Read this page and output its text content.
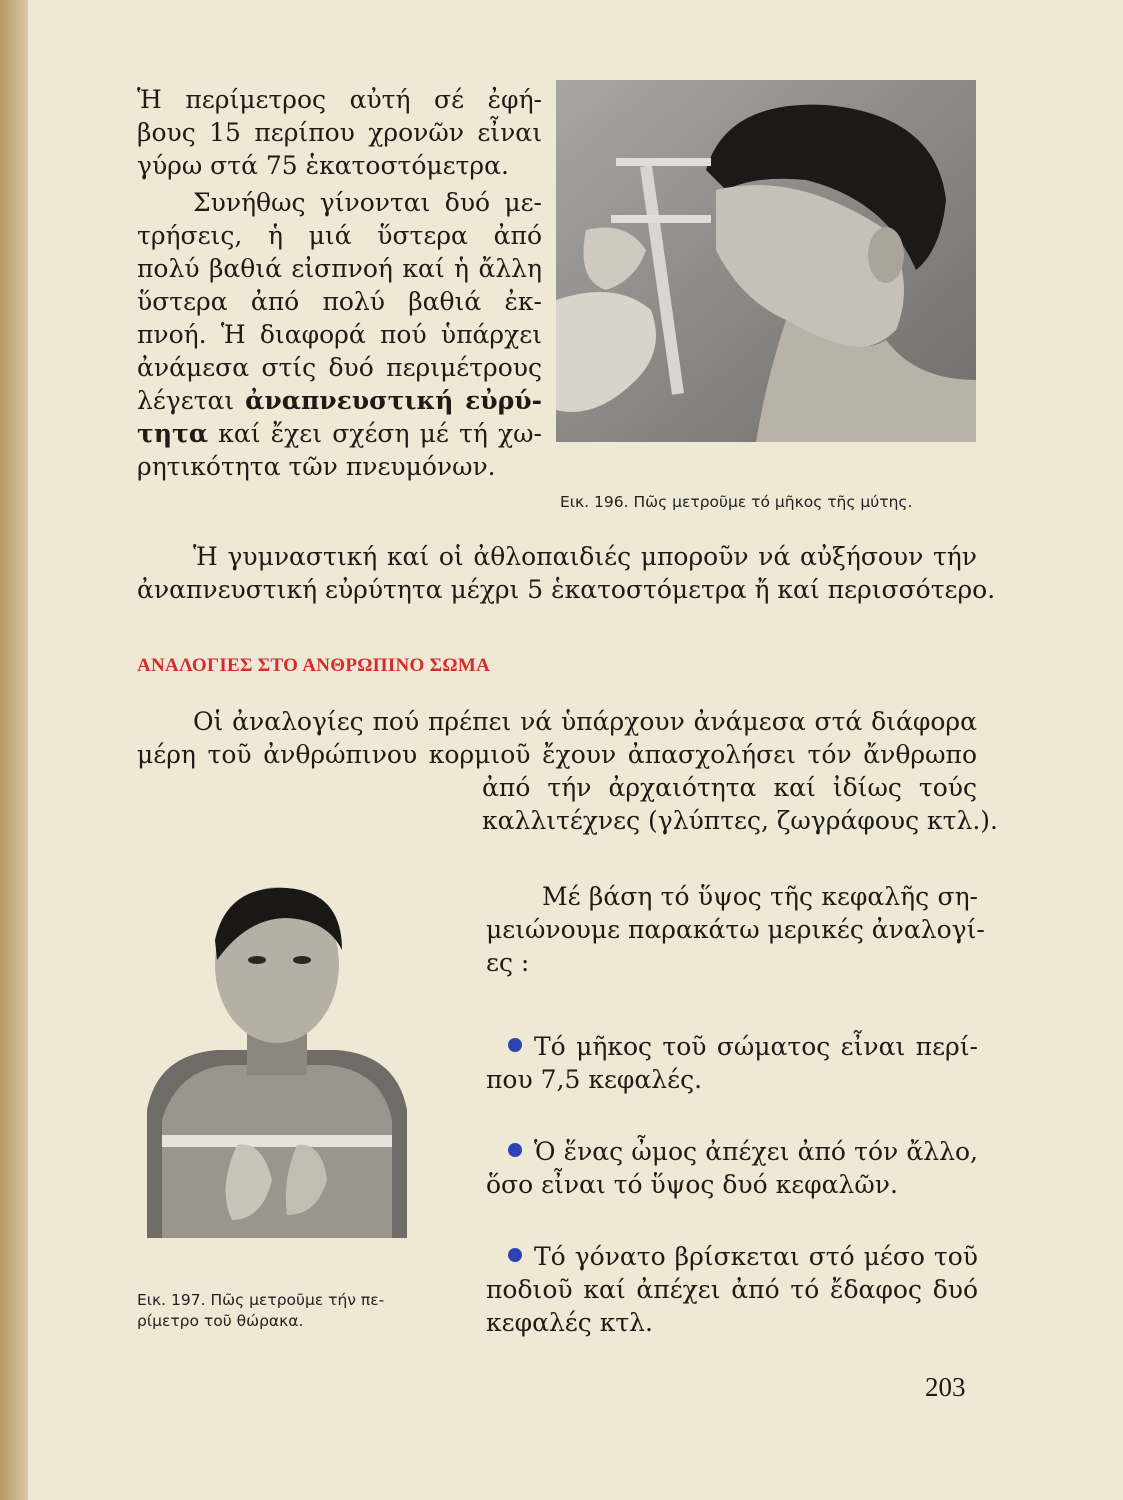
Ἡ περίμετρος αὐτή σέ ἐφή-
βους 15 περίπου χρονῶν εἶναι
γύρω στά 75 ἑκατοστόμετρα.
Συνήθως γίνονται δυό με-
τρήσεις, ἡ μιά ὕστερα ἀπό
πολύ βαθιά εἰσπνοή καί ἡ ἄλλη
ὕστερα ἀπό πολύ βαθιά ἐκ-
πνοή. Ἡ διαφορά πού ὑπάρχει
ἀνάμεσα στίς δυό περιμέτρους
λέγεται ἀναπνευστική εὐρύ-
τητα καί ἔχει σχέση μέ τή χω-
ρητικότητα τῶν πνευμόνων.
Εικ. 196. Πῶς μετροῦμε τό μῆκος τῆς μύτης.
Ἡ γυμναστική καί οἱ ἀθλοπαιδιές μποροῦν νά αὐξήσουν τήν
ἀναπνευστική εὐρύτητα μέχρι 5 ἑκατοστόμετρα ἤ καί περισσότερο.
ΑΝΑΛΟΓΙΕΣ ΣΤΟ ΑΝΘΡΩΠΙΝΟ ΣΩΜΑ
Οἱ ἀναλογίες πού πρέπει νά ὑπάρχουν ἀνάμεσα στά διάφορα
μέρη τοῦ ἀνθρώπινου κορμιοῦ ἔχουν ἀπασχολήσει τόν ἄνθρωπο
ἀπό τήν ἀρχαιότητα καί ἰδίως τούς
καλλιτέχνες (γλύπτες, ζωγράφους κτλ.).
Εικ. 197. Πῶς μετροῦμε τήν πε-
ρίμετρο τοῦ θώρακα.
Μέ βάση τό ὕψος τῆς κεφαλῆς ση-
μειώνουμε παρακάτω μερικές ἀναλογί-
ες :
Τό μῆκος τοῦ σώματος εἶναι περί-
που 7,5 κεφαλές.
Ὁ ἕνας ὦμος ἀπέχει ἀπό τόν ἄλλο,
ὅσο εἶναι τό ὕψος δυό κεφαλῶν.
Τό γόνατο βρίσκεται στό μέσο τοῦ
ποδιοῦ καί ἀπέχει ἀπό τό ἔδαφος δυό
κεφαλές κτλ.
203
